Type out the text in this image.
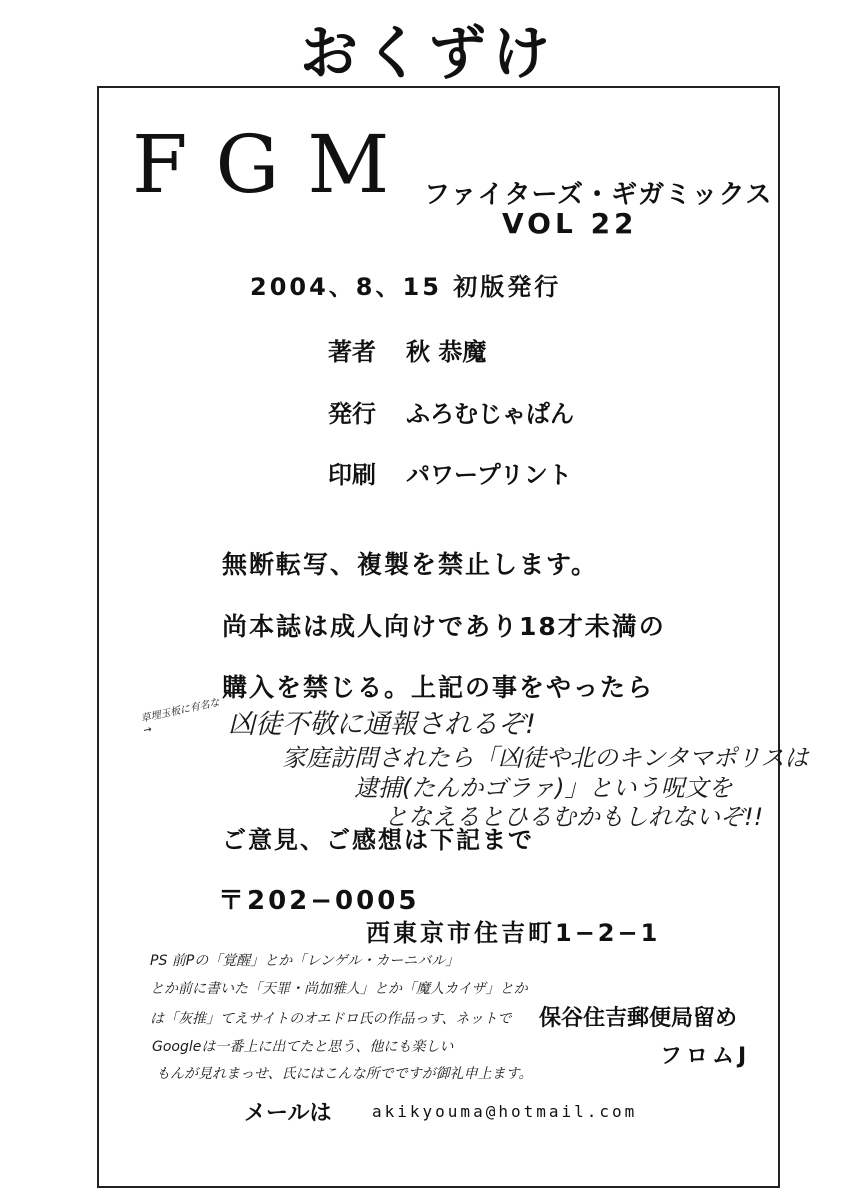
おくずけ
FGM ファイターズ・ギガミックス
VOL 22
2004、8、15 初版発行
著者 秋 恭魔
発行 ふろむじゃぱん
印刷 パワープリント
無断転写、複製を禁止します。
尚本誌は成人向けであり18才未満の
購入を禁じる。上記の事をやったら
草埋玉板に有名な→	凶徒不敬に通報されるぞ!
家庭訪問されたら「凶徒や北のキンタマポリスは
逮捕(たんかゴラァ)」という呪文を
となえるとひるむかもしれないぞ!!
ご意見、ご感想は下記まで
〒202−0005
西東京市住吉町1−2−1
PS 前Pの「覚醒」とか「レンゲル・カーニバル」
とか前に書いた「天罪・尚加雅人」とか「魔人カイザ」とか
は「灰推」てえサイトのオエドロ氏の作品っす、ネットで
Googleは一番上に出てたと思う、他にも楽しい
もんが見れまっせ、氏にはこんな所でですが御礼申上ます。
保谷住吉郵便局留め
フロムJ
メールは	akikyouma@hotmail.com
